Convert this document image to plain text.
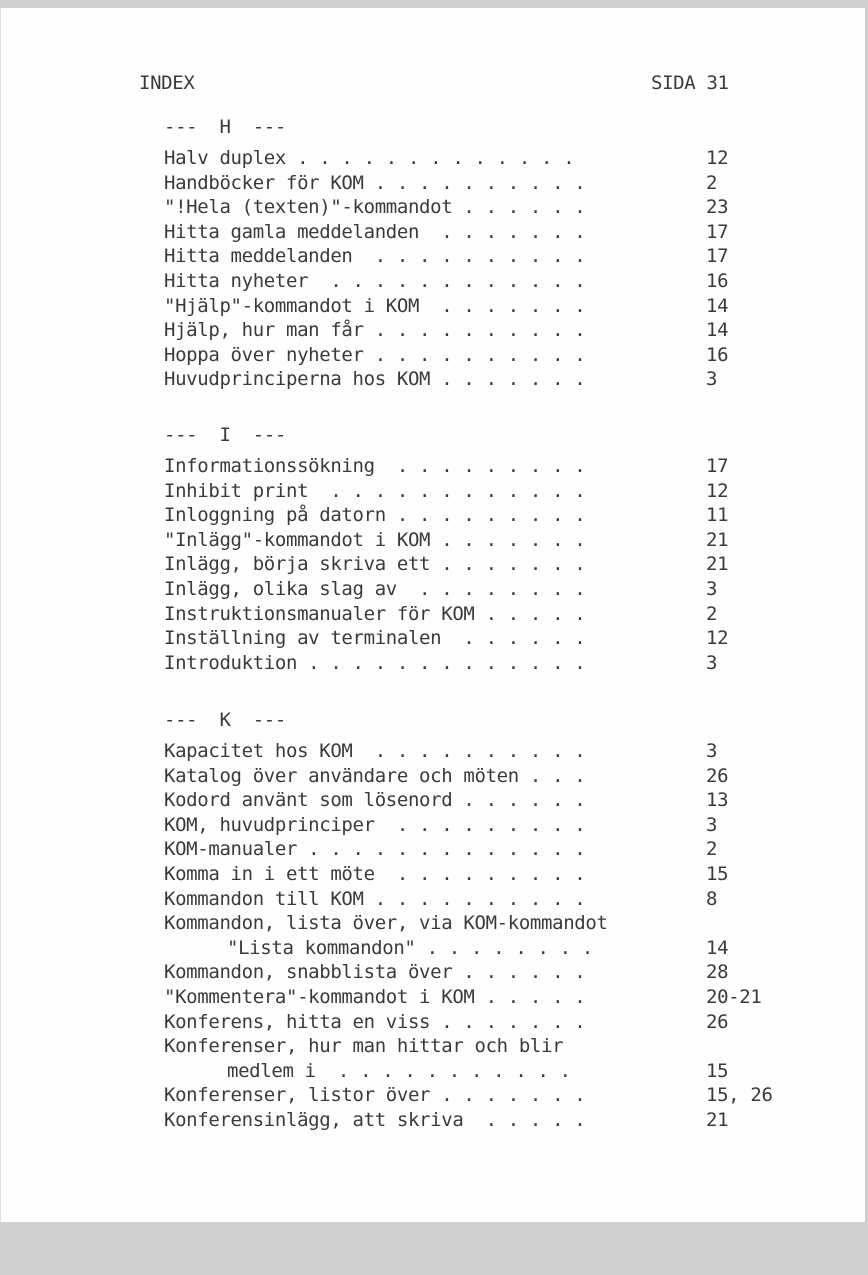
INDEX	SIDA 31
---  H  ---
Halv duplex . . . . . . . . . . . . .	12
Handböcker för KOM . . . . . . . . . .	2
"!Hela (texten)"-kommandot . . . . . .	23
Hitta gamla meddelanden  . . . . . . .	17
Hitta meddelanden  . . . . . . . . . .	17
Hitta nyheter  . . . . . . . . . . . .	16
"Hjälp"-kommandot i KOM  . . . . . . .	14
Hjälp, hur man får . . . . . . . . . .	14
Hoppa över nyheter . . . . . . . . . .	16
Huvudprinciperna hos KOM . . . . . . .	3
---  I  ---
Informationssökning  . . . . . . . . .	17
Inhibit print  . . . . . . . . . . . .	12
Inloggning på datorn . . . . . . . . .	11
"Inlägg"-kommandot i KOM . . . . . . .	21
Inlägg, börja skriva ett . . . . . . .	21
Inlägg, olika slag av  . . . . . . . .	3
Instruktionsmanualer för KOM . . . . .	2
Inställning av terminalen  . . . . . .	12
Introduktion . . . . . . . . . . . . .	3
---  K  ---
Kapacitet hos KOM  . . . . . . . . . .	3
Katalog över användare och möten . . .	26
Kodord använt som lösenord . . . . . .	13
KOM, huvudprinciper  . . . . . . . . .	3
KOM-manualer . . . . . . . . . . . . .	2
Komma in i ett möte  . . . . . . . . .	15
Kommandon till KOM . . . . . . . . . .	8
Kommandon, lista över, via KOM-kommandot
"Lista kommandon" . . . . . . . .	14
Kommandon, snabblista över . . . . . .	28
"Kommentera"-kommandot i KOM . . . . .	20-21
Konferens, hitta en viss . . . . . . .	26
Konferenser, hur man hittar och blir
medlem i  . . . . . . . . . . .	15
Konferenser, listor över . . . . . . .	15, 26
Konferensinlägg, att skriva  . . . . .	21
